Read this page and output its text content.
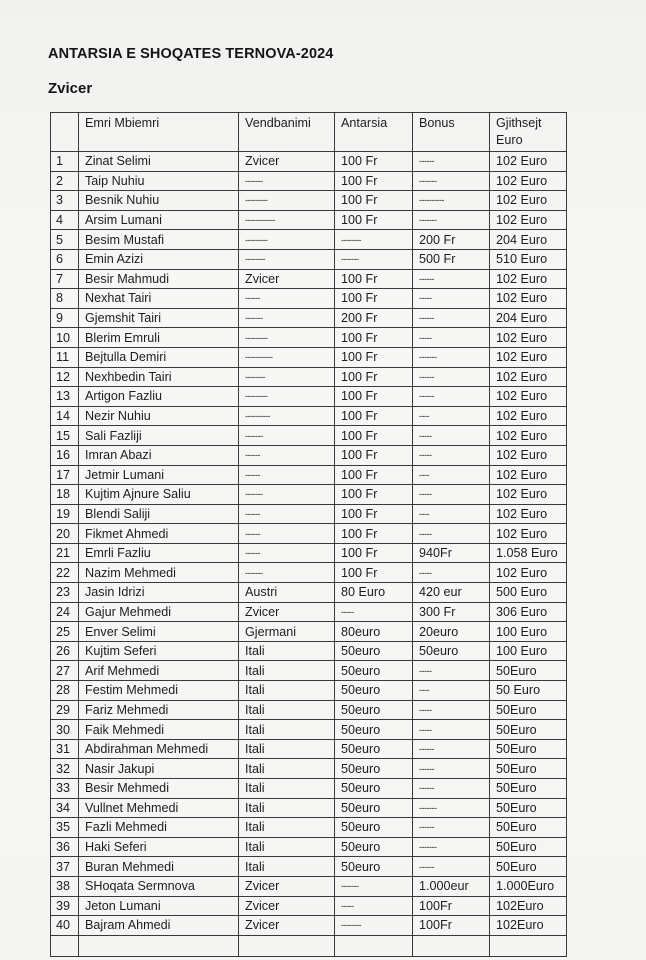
ANTARSIA E SHOQATES TERNOVA-2024
Zvicer
	Emri Mbiemri	Vendbanimi	Antarsia	Bonus	Gjithsejt Euro
1	Zinat Selimi	Zvicer	100 Fr	------	102 Euro
2	Taip Nuhiu	-------	100 Fr	-------	102 Euro
3	Besnik Nuhiu	---------	100 Fr	----------	102 Euro
4	Arsim Lumani	------------	100 Fr	-------	102 Euro
5	Besim Mustafi	---------	--------	200 Fr	204 Euro
6	Emin Azizi	--------	-------	500 Fr	510 Euro
7	Besir Mahmudi	Zvicer	100 Fr	------	102 Euro
8	Nexhat Tairi	------	100 Fr	-----	102 Euro
9	Gjemshit Tairi	-------	200 Fr	------	204 Euro
10	Blerim Emruli	---------	100 Fr	-----	102 Euro
11	Bejtulla Demiri	-----------	100 Fr	-------	102 Euro
12	Nexhbedin Tairi	--------	100 Fr	------	102 Euro
13	Artigon Fazliu	---------	100 Fr	------	102 Euro
14	Nezir Nuhiu	----------	100 Fr	----	102 Euro
15	Sali Fazliji	-------	100 Fr	-----	102 Euro
16	Imran Abazi	------	100 Fr	-----	102 Euro
17	Jetmir Lumani	------	100 Fr	----	102 Euro
18	Kujtim Ajnure Saliu	-------	100 Fr	-----	102 Euro
19	Blendi Saliji	------	100 Fr	----	102 Euro
20	Fikmet Ahmedi	------	100 Fr	-----	102 Euro
21	Emrli Fazliu	------	100 Fr	940Fr	1.058 Euro
22	Nazim Mehmedi	-------	100 Fr	-----	102 Euro
23	Jasin Idrizi	Austri	80 Euro	420 eur	500 Euro
24	Gajur Mehmedi	Zvicer	-----	300 Fr	306 Euro
25	Enver Selimi	Gjermani	80euro	20euro	100 Euro
26	Kujtim Seferi	Itali	50euro	50euro	100 Euro
27	Arif Mehmedi	Itali	50euro	-----	50Euro
28	Festim Mehmedi	Itali	50euro	----	50 Euro
29	Fariz Mehmedi	Itali	50euro	-----	50Euro
30	Faik Mehmedi	Itali	50euro	-----	50Euro
31	Abdirahman Mehmedi	Itali	50euro	------	50Euro
32	Nasir Jakupi	Itali	50euro	------	50Euro
33	Besir Mehmedi	Itali	50euro	------	50Euro
34	Vullnet Mehmedi	Itali	50euro	-------	50Euro
35	Fazli Mehmedi	Itali	50euro	------	50Euro
36	Haki Seferi	Itali	50euro	-------	50Euro
37	Buran Mehmedi	Itali	50euro	------	50Euro
38	SHoqata Sermnova	Zvicer	-------	1.000eur	1.000Euro
39	Jeton Lumani	Zvicer	-----	100Fr	102Euro
40	Bajram Ahmedi	Zvicer	--------	100Fr	102Euro
